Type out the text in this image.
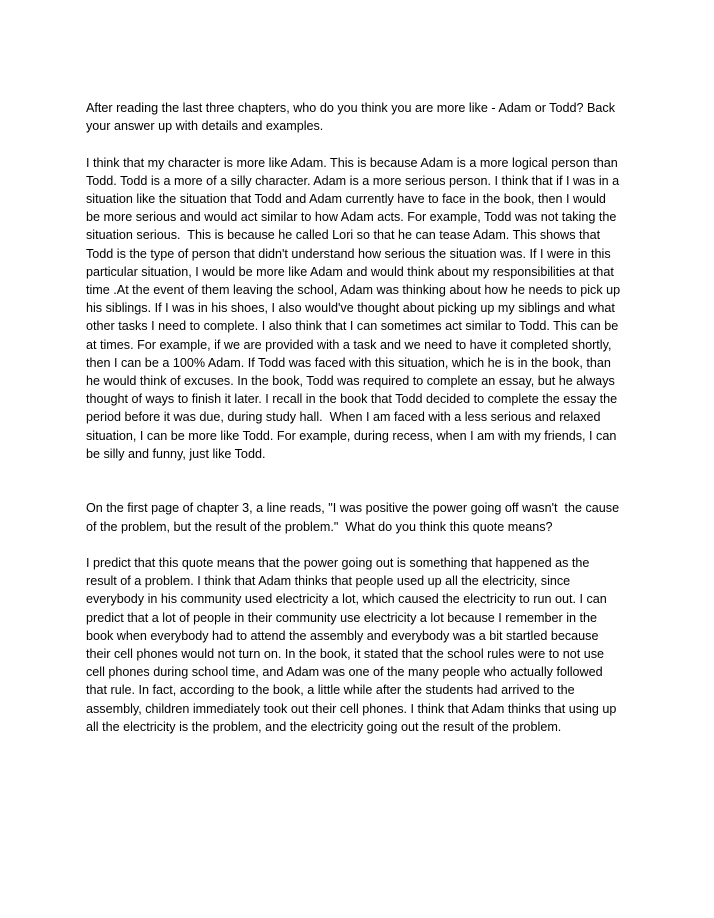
After reading the last three chapters, who do you think you are more like - Adam or Todd? Back
your answer up with details and examples.
I think that my character is more like Adam. This is because Adam is a more logical person than
Todd. Todd is a more of a silly character. Adam is a more serious person. I think that if I was in a
situation like the situation that Todd and Adam currently have to face in the book, then I would
be more serious and would act similar to how Adam acts. For example, Todd was not taking the
situation serious.  This is because he called Lori so that he can tease Adam. This shows that
Todd is the type of person that didn't understand how serious the situation was. If I were in this
particular situation, I would be more like Adam and would think about my responsibilities at that
time .At the event of them leaving the school, Adam was thinking about how he needs to pick up
his siblings. If I was in his shoes, I also would've thought about picking up my siblings and what
other tasks I need to complete. I also think that I can sometimes act similar to Todd. This can be
at times. For example, if we are provided with a task and we need to have it completed shortly,
then I can be a 100% Adam. If Todd was faced with this situation, which he is in the book, than
he would think of excuses. In the book, Todd was required to complete an essay, but he always
thought of ways to finish it later. I recall in the book that Todd decided to complete the essay the
period before it was due, during study hall.  When I am faced with a less serious and relaxed
situation, I can be more like Todd. For example, during recess, when I am with my friends, I can
be silly and funny, just like Todd.
On the first page of chapter 3, a line reads, "I was positive the power going off wasn't  the cause
of the problem, but the result of the problem."  What do you think this quote means?
I predict that this quote means that the power going out is something that happened as the
result of a problem. I think that Adam thinks that people used up all the electricity, since
everybody in his community used electricity a lot, which caused the electricity to run out. I can
predict that a lot of people in their community use electricity a lot because I remember in the
book when everybody had to attend the assembly and everybody was a bit startled because
their cell phones would not turn on. In the book, it stated that the school rules were to not use
cell phones during school time, and Adam was one of the many people who actually followed
that rule. In fact, according to the book, a little while after the students had arrived to the
assembly, children immediately took out their cell phones. I think that Adam thinks that using up
all the electricity is the problem, and the electricity going out the result of the problem.
